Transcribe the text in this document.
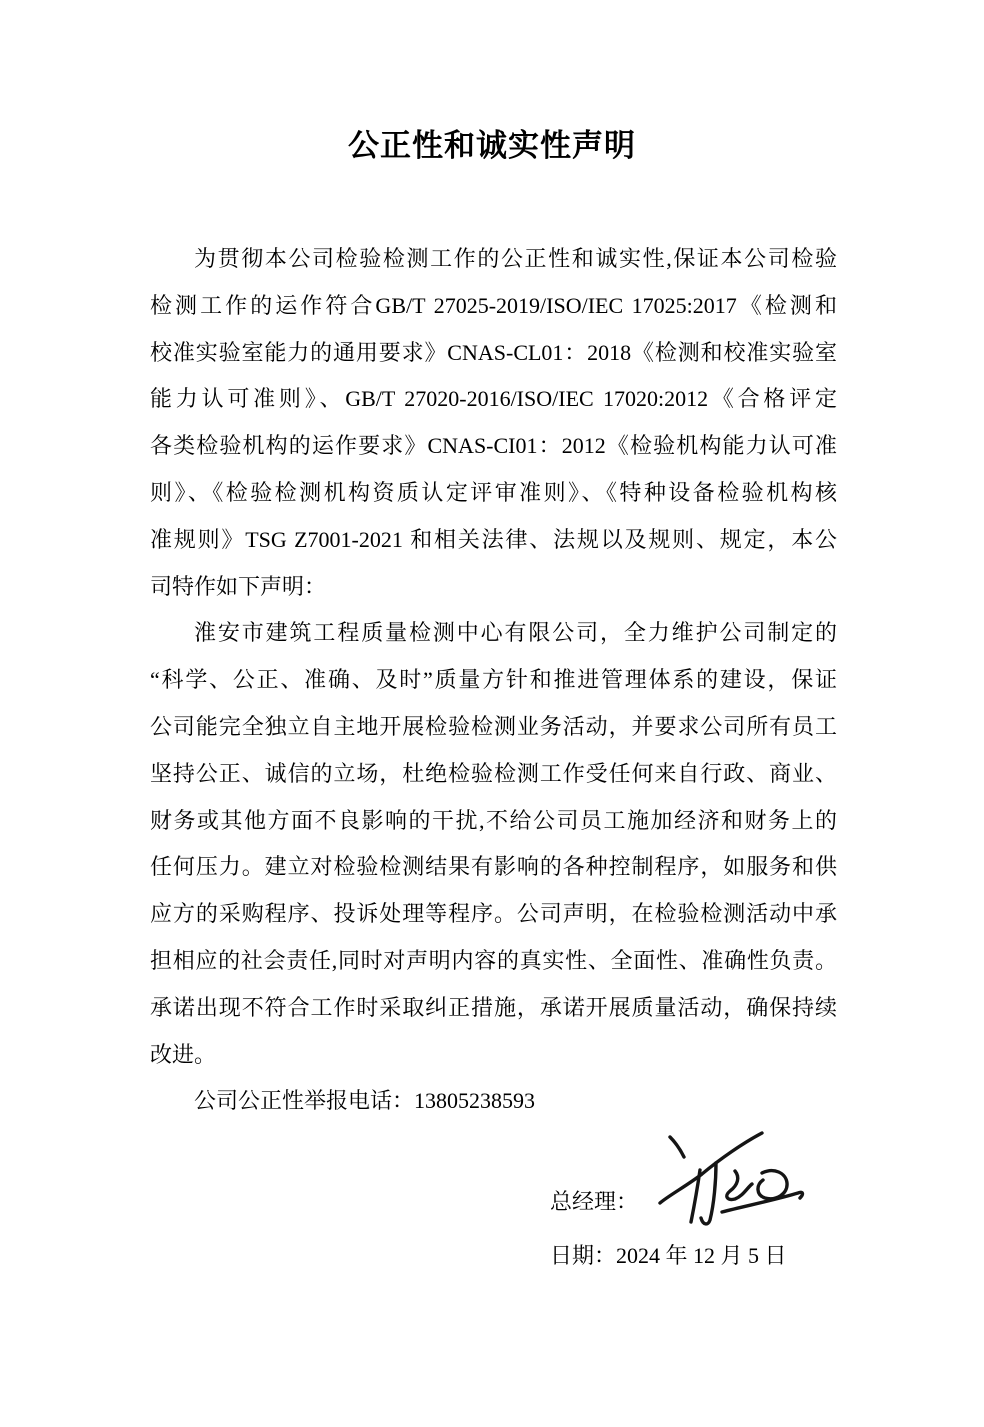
公正性和诚实性声明
为贯彻本公司检验检测工作的公正性和诚实性,保证本公司检验
检测工作的运作符合GB/T 27025-2019/ISO/IEC 17025:2017《检测和
校准实验室能力的通用要求》CNAS-CL01：2018《检测和校准实验室
能力认可准则》、GB/T 27020-2016/ISO/IEC 17020:2012《合格评定
各类检验机构的运作要求》CNAS-CI01：2012《检验机构能力认可准
则》、《检验检测机构资质认定评审准则》、《特种设备检验机构核
准规则》TSG Z7001-2021 和相关法律、法规以及规则、规定，本公
司特作如下声明：
淮安市建筑工程质量检测中心有限公司，全力维护公司制定的
“科学、公正、准确、及时”质量方针和推进管理体系的建设，保证
公司能完全独立自主地开展检验检测业务活动，并要求公司所有员工
坚持公正、诚信的立场，杜绝检验检测工作受任何来自行政、商业、
财务或其他方面不良影响的干扰,不给公司员工施加经济和财务上的
任何压力。建立对检验检测结果有影响的各种控制程序，如服务和供
应方的采购程序、投诉处理等程序。公司声明，在检验检测活动中承
担相应的社会责任,同时对声明内容的真实性、全面性、准确性负责。
承诺出现不符合工作时采取纠正措施，承诺开展质量活动，确保持续
改进。
公司公正性举报电话：13805238593
总经理：
日期：2024 年 12 月 5 日
